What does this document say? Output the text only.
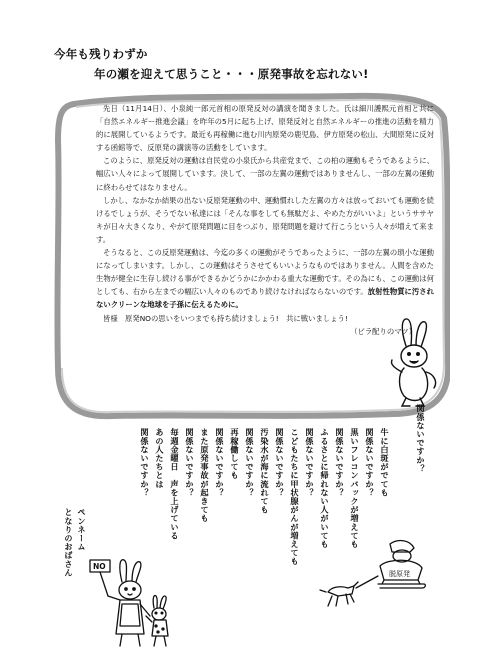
今年も残りわずか
年の瀬を迎えて思うこと・・・原発事故を忘れない!

先日（11月14日）、小泉純一郎元首相の原発反対の講演を聞きました。氏は細川護熙元首相と共に「自然エネルギー推進会議」を昨年の5月に起ち上げ、原発反対と自然エネルギーの推進の活動を精力的に展開しているようです。最近も再稼働に進む川内原発の鹿児島、伊方原発の松山、大間原発に反対する函館等で、反原発の講演等の活動をしています。

このように、原発反対の運動は自民党の小泉氏から共産党まで、この柏の運動もそうであるように、幅広い人々によって展開しています。決して、一部の左翼の運動ではありませんし、一部の左翼の運動に終わらせてはなりません。

しかし、なかなか結果の出ない反原発運動の中、運動慣れした左翼の方々は放っておいても運動を続けるでしょうが、そうでない私達には「そんな事をしても無駄だよ、やめた方がいいよ」というササヤキが日々大きくなり、やがて原発問題に目をつぶり、原発問題を避けて行こうという人々が増えて来ます。

そうなると、この反原発運動は、今迄の多くの運動がそうであったように、一部の左翼の瑣小な運動になってしまいます。しかし、この運動はそうさせてもいいようなものではありません。人間を含めた生物が健全に生存し続ける事ができるかどうかにかかわる重大な運動です。その為にも、この運動は何としても、右から左までの幅広い人々のものであり続けなければならないのです。放射性物質に汚されないクリーンな地球を子孫に伝えるために。

皆様　原発NOの思いをいつまでも持ち続けましょう!　共に戦いましょう!

（ビラ配りのマツ）
関係ないですか？
牛に白斑がでても
関係ないですか？
黒いフレコンバックが増えても
関係ないですか？
ふるさとに帰れない人がいても
関係ないですか？
こどもたちに甲状腺がんが増えても
関係ないですか？
汚染水が海に流れても
関係ないですか？
再稼働しても
関係ないですか？
また原発事故が起きても
関係ないですか？
毎週金曜日　声を上げている
あの人たちとは
関係ないですか？
ペンネーム
となりのおばさん	脱原発
NO
